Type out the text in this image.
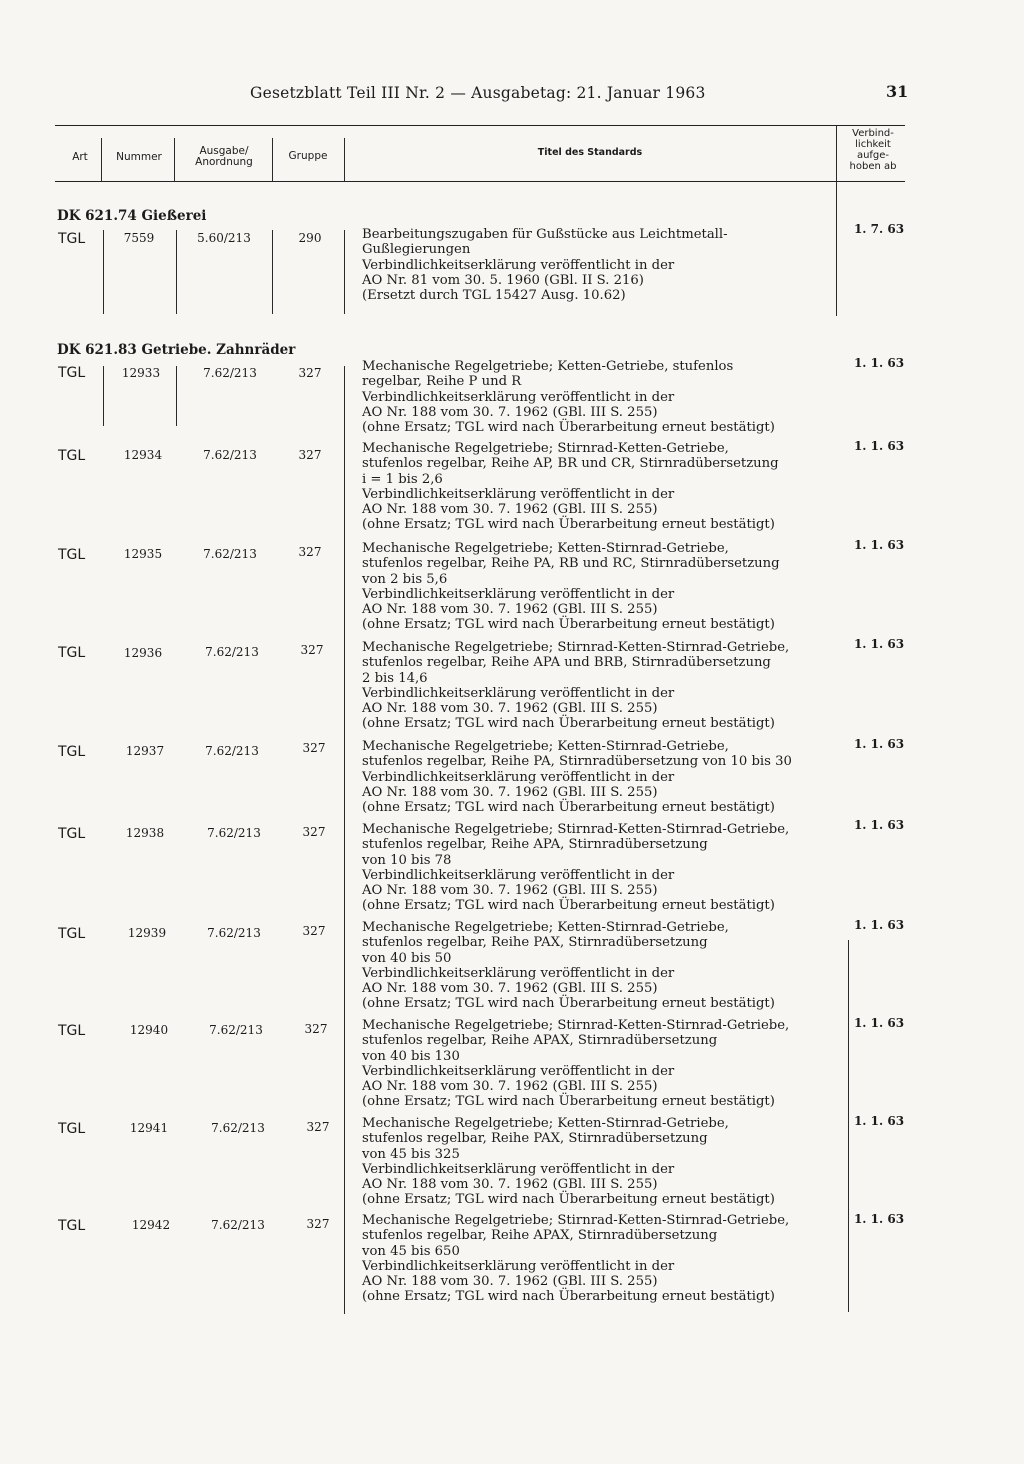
Gesetzblatt Teil III Nr. 2 — Ausgabetag: 21. Januar 1963	31
Art	Nummer	Ausgabe/
Anordnung	Gruppe	Titel des Standards
Verbind-
lichkeit
aufge-
hoben ab
DK 621.74 Gießerei
TGL	7559	5.60/213	290	Bearbeitungszugaben für Gußstücke aus Leichtmetall-
Gußlegierungen
Verbindlichkeitserklärung veröffentlicht in der
AO Nr. 81 vom 30. 5. 1960 (GBl. II S. 216)
(Ersetzt durch TGL 15427 Ausg. 10.62)
1. 7. 63
DK 621.83 Getriebe. Zahnräder
TGL	12933	7.62/213	327	Mechanische Regelgetriebe; Ketten-Getriebe, stufenlos
regelbar, Reihe P und R
Verbindlichkeitserklärung veröffentlicht in der
AO Nr. 188 vom 30. 7. 1962 (GBl. III S. 255)
(ohne Ersatz; TGL wird nach Überarbeitung erneut bestätigt)
1. 1. 63
TGL	12934	7.62/213	327	Mechanische Regelgetriebe; Stirnrad-Ketten-Getriebe,
stufenlos regelbar, Reihe AP, BR und CR, Stirnradübersetzung
i = 1 bis 2,6
Verbindlichkeitserklärung veröffentlicht in der
AO Nr. 188 vom 30. 7. 1962 (GBl. III S. 255)
(ohne Ersatz; TGL wird nach Überarbeitung erneut bestätigt)
1. 1. 63
TGL	12935	7.62/213	327	Mechanische Regelgetriebe; Ketten-Stirnrad-Getriebe,
stufenlos regelbar, Reihe PA, RB und RC, Stirnradübersetzung
von 2 bis 5,6
Verbindlichkeitserklärung veröffentlicht in der
AO Nr. 188 vom 30. 7. 1962 (GBl. III S. 255)
(ohne Ersatz; TGL wird nach Überarbeitung erneut bestätigt)
1. 1. 63
TGL	12936	7.62/213	327	Mechanische Regelgetriebe; Stirnrad-Ketten-Stirnrad-Getriebe,
stufenlos regelbar, Reihe APA und BRB, Stirnradübersetzung
2 bis 14,6
Verbindlichkeitserklärung veröffentlicht in der
AO Nr. 188 vom 30. 7. 1962 (GBl. III S. 255)
(ohne Ersatz; TGL wird nach Überarbeitung erneut bestätigt)
1. 1. 63
TGL	12937	7.62/213	327	Mechanische Regelgetriebe; Ketten-Stirnrad-Getriebe,
stufenlos regelbar, Reihe PA, Stirnradübersetzung von 10 bis 30
Verbindlichkeitserklärung veröffentlicht in der
AO Nr. 188 vom 30. 7. 1962 (GBl. III S. 255)
(ohne Ersatz; TGL wird nach Überarbeitung erneut bestätigt)
1. 1. 63
TGL	12938	7.62/213	327	Mechanische Regelgetriebe; Stirnrad-Ketten-Stirnrad-Getriebe,
stufenlos regelbar, Reihe APA, Stirnradübersetzung
von 10 bis 78
Verbindlichkeitserklärung veröffentlicht in der
AO Nr. 188 vom 30. 7. 1962 (GBl. III S. 255)
(ohne Ersatz; TGL wird nach Überarbeitung erneut bestätigt)
1. 1. 63
TGL	12939	7.62/213	327	Mechanische Regelgetriebe; Ketten-Stirnrad-Getriebe,
stufenlos regelbar, Reihe PAX, Stirnradübersetzung
von 40 bis 50
Verbindlichkeitserklärung veröffentlicht in der
AO Nr. 188 vom 30. 7. 1962 (GBl. III S. 255)
(ohne Ersatz; TGL wird nach Überarbeitung erneut bestätigt)
1. 1. 63
TGL	12940	7.62/213	327	Mechanische Regelgetriebe; Stirnrad-Ketten-Stirnrad-Getriebe,
stufenlos regelbar, Reihe APAX, Stirnradübersetzung
von 40 bis 130
Verbindlichkeitserklärung veröffentlicht in der
AO Nr. 188 vom 30. 7. 1962 (GBl. III S. 255)
(ohne Ersatz; TGL wird nach Überarbeitung erneut bestätigt)
1. 1. 63
TGL	12941	7.62/213	327	Mechanische Regelgetriebe; Ketten-Stirnrad-Getriebe,
stufenlos regelbar, Reihe PAX, Stirnradübersetzung
von 45 bis 325
Verbindlichkeitserklärung veröffentlicht in der
AO Nr. 188 vom 30. 7. 1962 (GBl. III S. 255)
(ohne Ersatz; TGL wird nach Überarbeitung erneut bestätigt)
1. 1. 63
TGL	12942	7.62/213	327	Mechanische Regelgetriebe; Stirnrad-Ketten-Stirnrad-Getriebe,
stufenlos regelbar, Reihe APAX, Stirnradübersetzung
von 45 bis 650
Verbindlichkeitserklärung veröffentlicht in der
AO Nr. 188 vom 30. 7. 1962 (GBl. III S. 255)
(ohne Ersatz; TGL wird nach Überarbeitung erneut bestätigt)
1. 1. 63
